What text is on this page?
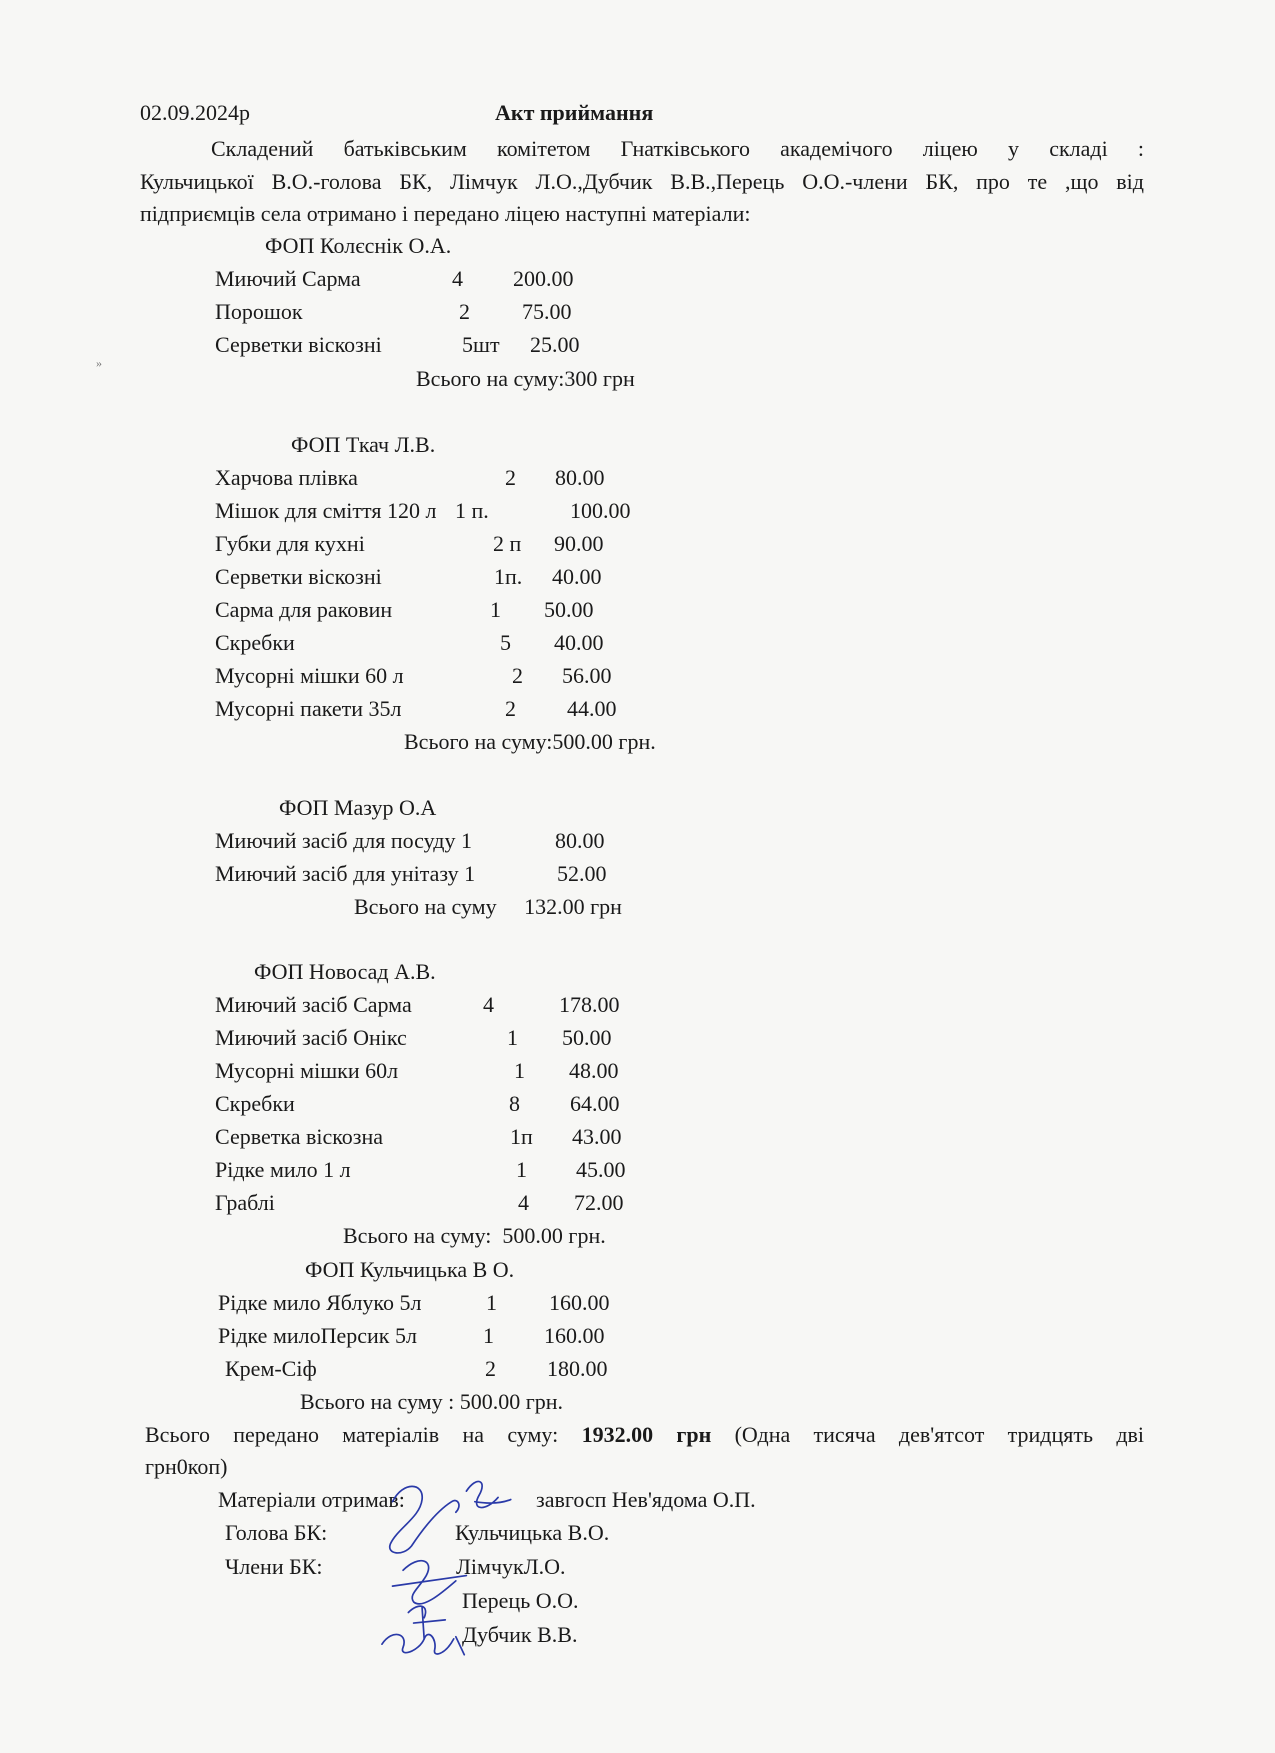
»
02.09.2024р	Акт приймання
Складений батьківським комітетом Гнатківського академічого ліцею у складі :
Кульчицької В.О.-голова БК, Лімчук Л.О.,Дубчик В.В.,Перець О.О.-члени БК, про те ,що від
підприємців села отримано і передано ліцею наступні матеріали:
ФОП Колєснік О.А.
Миючий Сарма	4 200.00
Порошок	2 75.00
Серветки віскозні	5шт 25.00
Всього на суму:300 грн
ФОП Ткач Л.В.
Харчова плівка	2 80.00
Мішок для сміття 120 л 1 п.	100.00
Губки для кухні	2 п 90.00
Серветки віскозні	1п. 40.00
Сарма для раковин	1 50.00
Скребки	5 40.00
Мусорні мішки 60 л	2 56.00
Мусорні пакети 35л	2 44.00
Всього на суму:500.00 грн.
ФОП Мазур О.А
Миючий засіб для посуду 1	80.00
Миючий засіб для унітазу 1	52.00
Всього на суму     132.00 грн
ФОП Новосад А.В.
Миючий засіб Сарма	4	178.00
Миючий засіб Онікс	1 50.00
Мусорні мішки 60л	1 48.00
Скребки	8 64.00
Серветка віскозна	1п 43.00
Рідке мило 1 л	1 45.00
Граблі	4 72.00
Всього на суму:  500.00 грн.
ФОП Кульчицька В О.
Рідке мило Яблуко 5л	1 160.00
Рідке милоПерсик 5л	1 160.00
Крем-Сіф	2 180.00
Всього на суму : 500.00 грн.
Всього передано матеріалів на суму: 1932.00 грн (Одна тисяча дев'ятсот тридцять дві
грн0коп)
Матеріали отримав:	завгосп Нев'ядома О.П.
Голова БК:	Кульчицька В.О.
Члени БК:	ЛімчукЛ.О.
Перець О.О.
Дубчик В.В.
